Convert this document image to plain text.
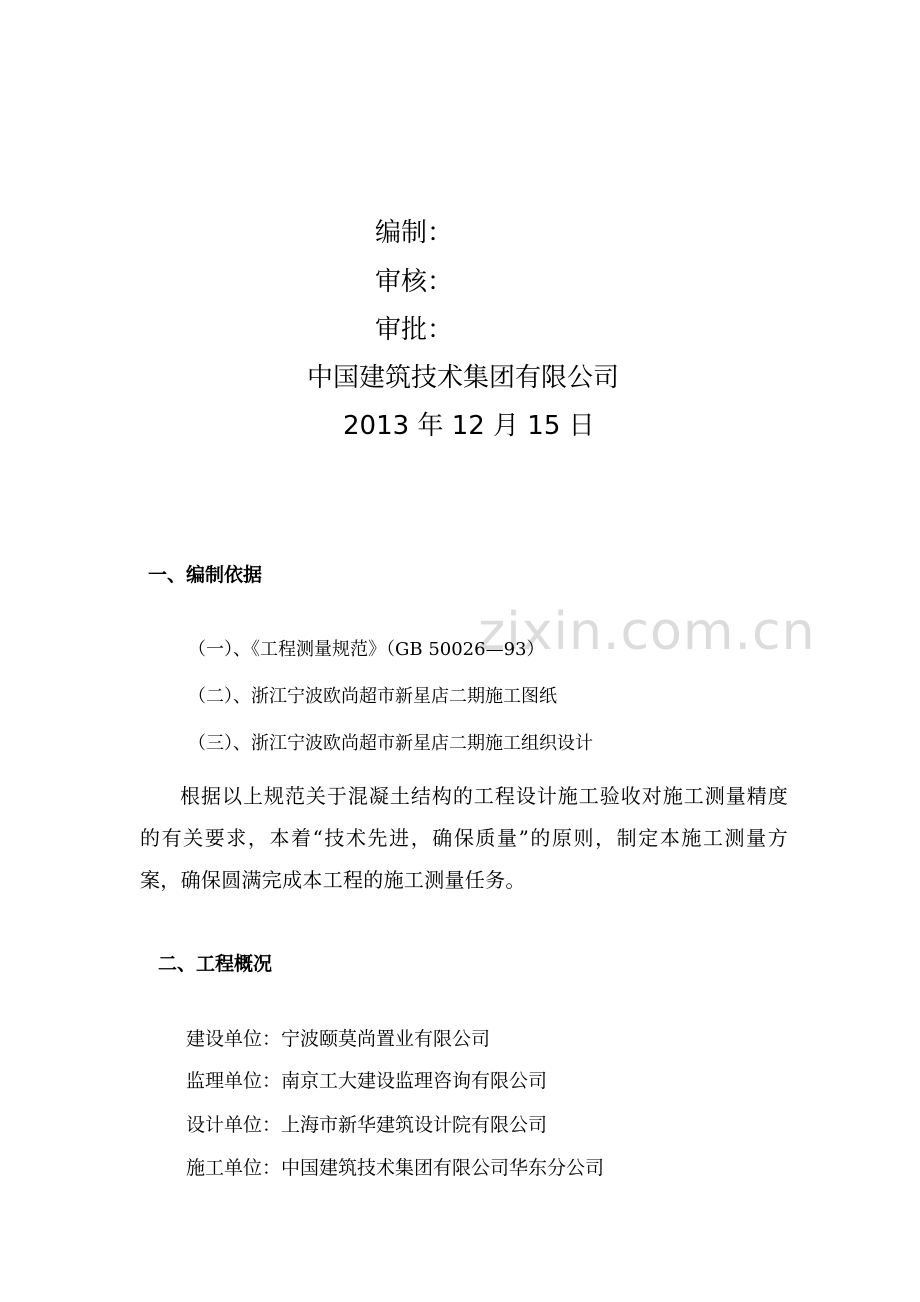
zixin.com.cn
编制：
审核：
审批：
中国建筑技术集团有限公司
2013 年 12 月 15 日
一、编制依据
（一）、《工程测量规范》（GB 50026—93）
（二）、浙江宁波欧尚超市新星店二期施工图纸
（三）、浙江宁波欧尚超市新星店二期施工组织设计
根据以上规范关于混凝土结构的工程设计施工验收对施工测量精度的有关要求，本着“技术先进，确保质量”的原则，制定本施工测量方案，确保圆满完成本工程的施工测量任务。
二、工程概况
建设单位：宁波颐莫尚置业有限公司
监理单位：南京工大建设监理咨询有限公司
设计单位：上海市新华建筑设计院有限公司
施工单位：中国建筑技术集团有限公司华东分公司
